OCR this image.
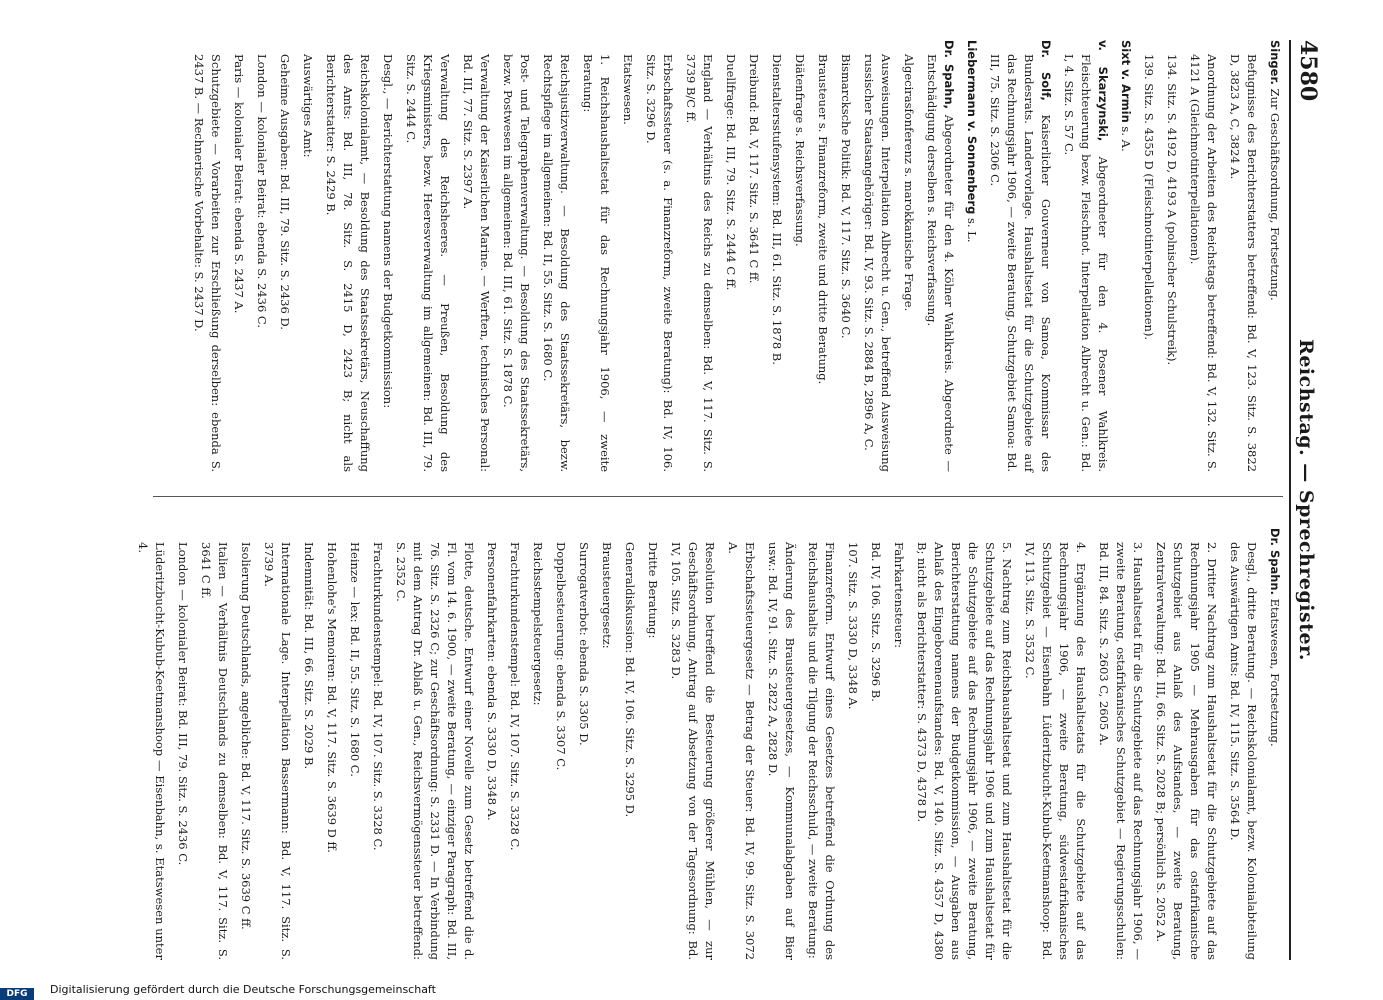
4580
Reichstag. — Sprechregister.

Singer. Zur Geschäftsordnung, Fortsetzung.

Befugnisse des Berichterstatters betreffend: Bd. V, 123. Sitz. S. 3822 D, 3823 A, C, 3824 A.

Anordnung der Arbeiten des Reichstags betreffend: Bd. V, 132. Sitz. S. 4121 A (Gleichmotinterpellationen).

134. Sitz. S. 4192 D, 4193 A (polnischer Schulstreik).

139. Sitz. S. 4355 D (Fleischnotinterpellationen).

Sixt v. Armin s. A.

v. Skarzynski, Abgeordneter für den 4. Posener Wahlkreis. Fleischteuerung bezw. Fleischnot. Interpellation Albrecht u. Gen.: Bd. I, 4. Sitz. S. 57 C.

Dr. Solf, Kaiserlicher Gouverneur von Samoa, Kommissar des Bundesrats. Landervorlage. Haushaltsetat für die Schutzgebiete auf das Rechnungsjahr 1906, — zweite Beratung, Schutzgebiet Samoa: Bd. III, 75. Sitz. S. 2306 C.

Liebermann v. Sonnenberg s. L.

Dr. Spahn, Abgeordneter für den 4. Kölner Wahlkreis. Abgeordnete — Entschädigung derselben s. Reichsverfassung.

Algecirasfonferenz s. marokkanische Frage.

Ausweisungen. Interpellation Albrecht u. Gen., betreffend Ausweisung russischer Staatsangehöriger: Bd. IV, 93. Sitz. S. 2884 B, 2896 A, C.

Bismarcksche Politik: Bd. V, 117. Sitz. S. 3640 C.

Brausteuer s. Finanzreform, zweite und dritte Beratung.

Diätenfrage s. Reichsverfassung.

Dienstaltersstufensystem: Bd. III, 61. Sitz. S. 1878 B.

Dreibund: Bd. V, 117. Sitz. S. 3641 C ff.

Duellfrage: Bd. III, 79. Sitz. S. 2444 C ff.

England — Verhältnis des Reichs zu demselben: Bd. V, 117. Sitz. S. 3739 B/C ff.

Erbschaftssteuer (s. a. Finanzreform, zweite Beratung): Bd. IV, 106. Sitz. S. 3296 D.

Etatswesen.

1. Reichshaushaltsetat für das Rechnungsjahr 1906, — zweite Beratung:

Reichsjustizverwaltung. — Besoldung des Staatssekretärs, bezw. Rechtspflege im allgemeinen: Bd. II, 55. Sitz. S. 1680 C.

Post- und Telegraphenverwaltung. — Besoldung des Staatssekretärs, bezw. Postwesen im allgemeinen: Bd. III, 61. Sitz. S. 1878 C.

Verwaltung der Kaiserlichen Marine. — Werften, technisches Personal: Bd. III, 77. Sitz. S. 2397 A.

Verwaltung des Reichsheeres. — Preußen, Besoldung des Kriegsministers, bezw. Heeresverwaltung im allgemeinen: Bd. III, 79. Sitz. S. 2444 C.

Desgl., — Berichterstattung namens der Budgetkommission:

Reichskolonialamt, — Besoldung des Staatssekretärs, Neuschaffung des Amts: Bd. III, 78. Sitz. S. 2415 D, 2423 B; nicht als Berichterstatter: S. 2429 B.

Auswärtiges Amt:

Geheime Ausgaben: Bd. III, 79. Sitz. S. 2436 D.

London — kolonialer Beirat: ebenda S. 2436 C.

Paris — kolonialer Beirat: ebenda S. 2437 A.

Schutzgebiete — Vorarbeiten zur Erschließung derselben: ebenda S. 2437 B. — Rechnerische Vorbehalte: S. 2437 D.

Dr. Spahn. Etatswesen, Fortsetzung.

Desgl., dritte Beratung. — Reichskolonialamt, bezw. Kolonialabteilung des Auswärtigen Amts: Bd. IV, 115. Sitz. S. 3564 D.

2. Dritter Nachtrag zum Haushaltsetat für die Schutzgebiete auf das Rechnungsjahr 1905 — Mehrausgaben für das ostafrikanische Schutzgebiet aus Anlaß des Aufstandes, — zweite Beratung, Zentralverwaltung: Bd. III, 66. Sitz. S. 2028 B; persönlich S. 2052 A.

3. Haushaltsetat für die Schutzgebiete auf das Rechnungsjahr 1906, — zweite Beratung, ostafrikanisches Schutzgebiet — Regierungsschulen: Bd. III, 84. Sitz. S. 2603 C, 2605 A.

4. Ergänzung des Haushaltsetats für die Schutzgebiete auf das Rechnungsjahr 1906, — zweite Beratung, südwestafrikanisches Schutzgebiet — Eisenbahn Lüderitzbucht-Kubub-Keetmanshoop: Bd. IV, 113. Sitz. S. 3532 C.

5. Nachtrag zum Reichshaushaltsetat und zum Haushaltsetat für die Schutzgebiete auf das Rechnungsjahr 1906 und zum Haushaltsetat für die Schutzgebiete auf das Rechnungsjahr 1906, — zweite Beratung, Berichterstattung namens der Budgetkommission, — Ausgaben aus Anlaß des Eingeborenenaufstandes: Bd. V, 140. Sitz. S. 4357 D, 4380 B; nicht als Berichterstatter: S. 4373 D, 4378 D.

Fahrkartensteuer:

Bd. IV, 106. Sitz. S. 3296 B.

107. Sitz. S. 3330 D, 3348 A.

Finanzreform. Entwurf eines Gesetzes betreffend die Ordnung des Reichshaushalts und die Tilgung der Reichsschuld, — zweite Beratung:

Änderung des Brausteuergesetzes, — Kommunalabgaben auf Bier usw.: Bd. IV, 91. Sitz. S. 2822 A, 2828 D.

Erbschaftssteuergesetz — Betrag der Steuer: Bd. IV, 99. Sitz. S. 3072 A.

Resolution betreffend die Besteuerung größerer Mühlen, — zur Geschäftsordnung, Antrag auf Absetzung von der Tagesordnung: Bd. IV, 105. Sitz. S. 3283 D.

Dritte Beratung:

Generaldiskussion: Bd. IV, 106. Sitz. S. 3295 D.

Brausteuergesetz:

Surrogatverbot: ebenda S. 3305 D.

Doppelbesteuerung: ebenda S. 3307 C.

Reichsstempelsteuergesetz:

Frachturkundenstempel: Bd. IV, 107. Sitz. S. 3328 C.

Personenfahrkarten: ebenda S. 3330 D, 3348 A.

Flotte, deutsche. Entwurf einer Novelle zum Gesetz betreffend die d. Fl. vom 14. 6. 1900, — zweite Beratung, — einziger Paragraph: Bd. III, 76. Sitz. S. 2326 C; zur Geschäftsordnung: S. 2331 D. — In Verbindung mit dem Antrag Dr. Ablaß u. Gen., Reichsvermögenssteuer betreffend: S. 2352 C.

Frachturkundenstempel: Bd. IV, 107. Sitz. S. 3328 C.

Heinze — lex: Bd. II, 55. Sitz. S. 1680 C.

Hohenlohe's Memoiren: Bd. V, 117. Sitz. S. 3639 D ff.

Indemnität: Bd. III, 66. Sitz. S. 2029 B.

Internationale Lage. Interpellation Bassermann: Bd. V, 117. Sitz. S. 3739 A.

Isolierung Deutschlands, angebliche: Bd. V, 117. Sitz. S. 3639 C ff.

Italien — Verhältnis Deutschlands zu demselben: Bd. V, 117. Sitz. S. 3641 C ff.

London — kolonialer Beirat: Bd. III, 79. Sitz. S. 2436 C.

Lüderitzbucht-Kubub-Keetmanshoop — Eisenbahn, s. Etatswesen unter 4.

Digitalisierung gefördert durch die Deutsche Forschungsgemeinschaft
DFG
